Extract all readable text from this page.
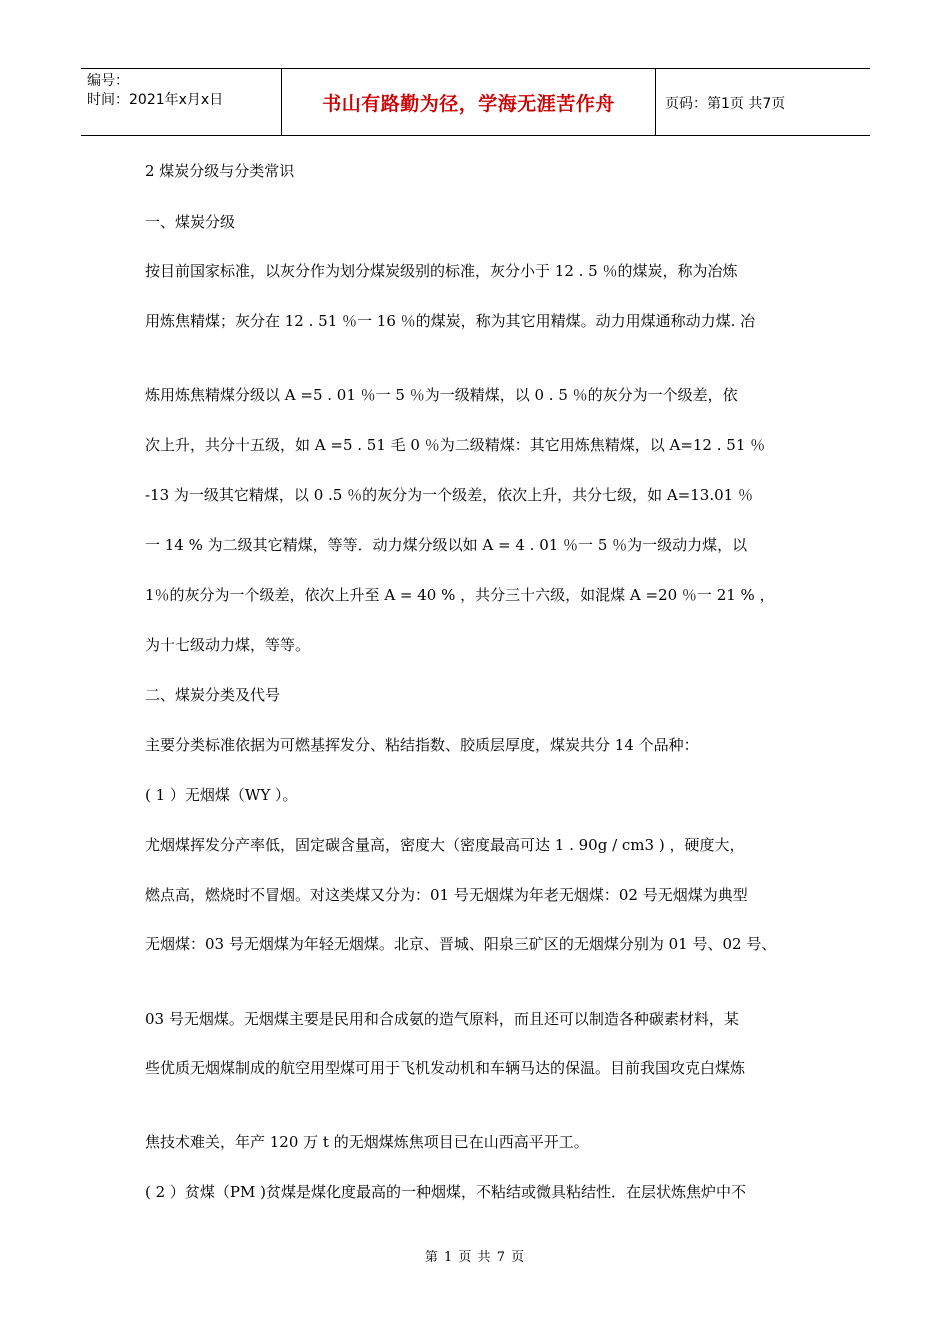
编号：
时间：2021年x月x日	书山有路勤为径，学海无涯苦作舟	页码：第1页 共7页
2 煤炭分级与分类常识
一、煤炭分级
按目前国家标准，以灰分作为划分煤炭级别的标准，灰分小于 12 . 5 ％的煤炭，称为冶炼
用炼焦精煤；灰分在 12 . 51 ％一 16 ％的煤炭，称为其它用精煤。动力用煤通称动力煤. 冶
炼用炼焦精煤分级以 A =5 . 01 ％一 5 ％为一级精煤，以 0 . 5 ％的灰分为一个级差，依
次上升，共分十五级，如 A =5 . 51 毛 0 ％为二级精煤：其它用炼焦精煤，以 A=12 . 51 ％
-13 为一级其它精煤，以 0 .5 ％的灰分为一个级差，依次上升，共分七级，如 A=13.01 ％
一 14 % 为二级其它精煤，等等．动力煤分级以如 A = 4 . 01 ％一 5 ％为一级动力煤，以
1％的灰分为一个级差，依次上升至 A = 40 % ，共分三十六级，如混煤 A =20 ％一 21 % ，
为十七级动力煤，等等。
二、煤炭分类及代号
主要分类标准依据为可燃基挥发分、粘结指数、胶质层厚度，煤炭共分 14 个品种：
( 1 ）无烟煤（WY ）。
尤烟煤挥发分产率低，固定碳含量高，密度大（密度最高可达 1 . 90g / cm3 ) ，硬度大，
燃点高，燃烧时不冒烟。对这类煤又分为：01 号无烟煤为年老无烟煤：02 号无烟煤为典型
无烟煤：03 号无烟煤为年轻无烟煤。北京、晋城、阳泉三矿区的无烟煤分别为 01 号、02 号、
03 号无烟煤。无烟煤主要是民用和合成氨的造气原料，而且还可以制造各种碳素材料，某
些优质无烟煤制成的航空用型煤可用于飞机发动机和车辆马达的保温。目前我国攻克白煤炼
焦技术难关，年产 120 万 t 的无烟煤炼焦项目已在山西高平开工。
( 2 ）贫煤（PM )贫煤是煤化度最高的一种烟煤，不粘结或微具粘结性．在层状炼焦炉中不
第 1 页 共 7 页
